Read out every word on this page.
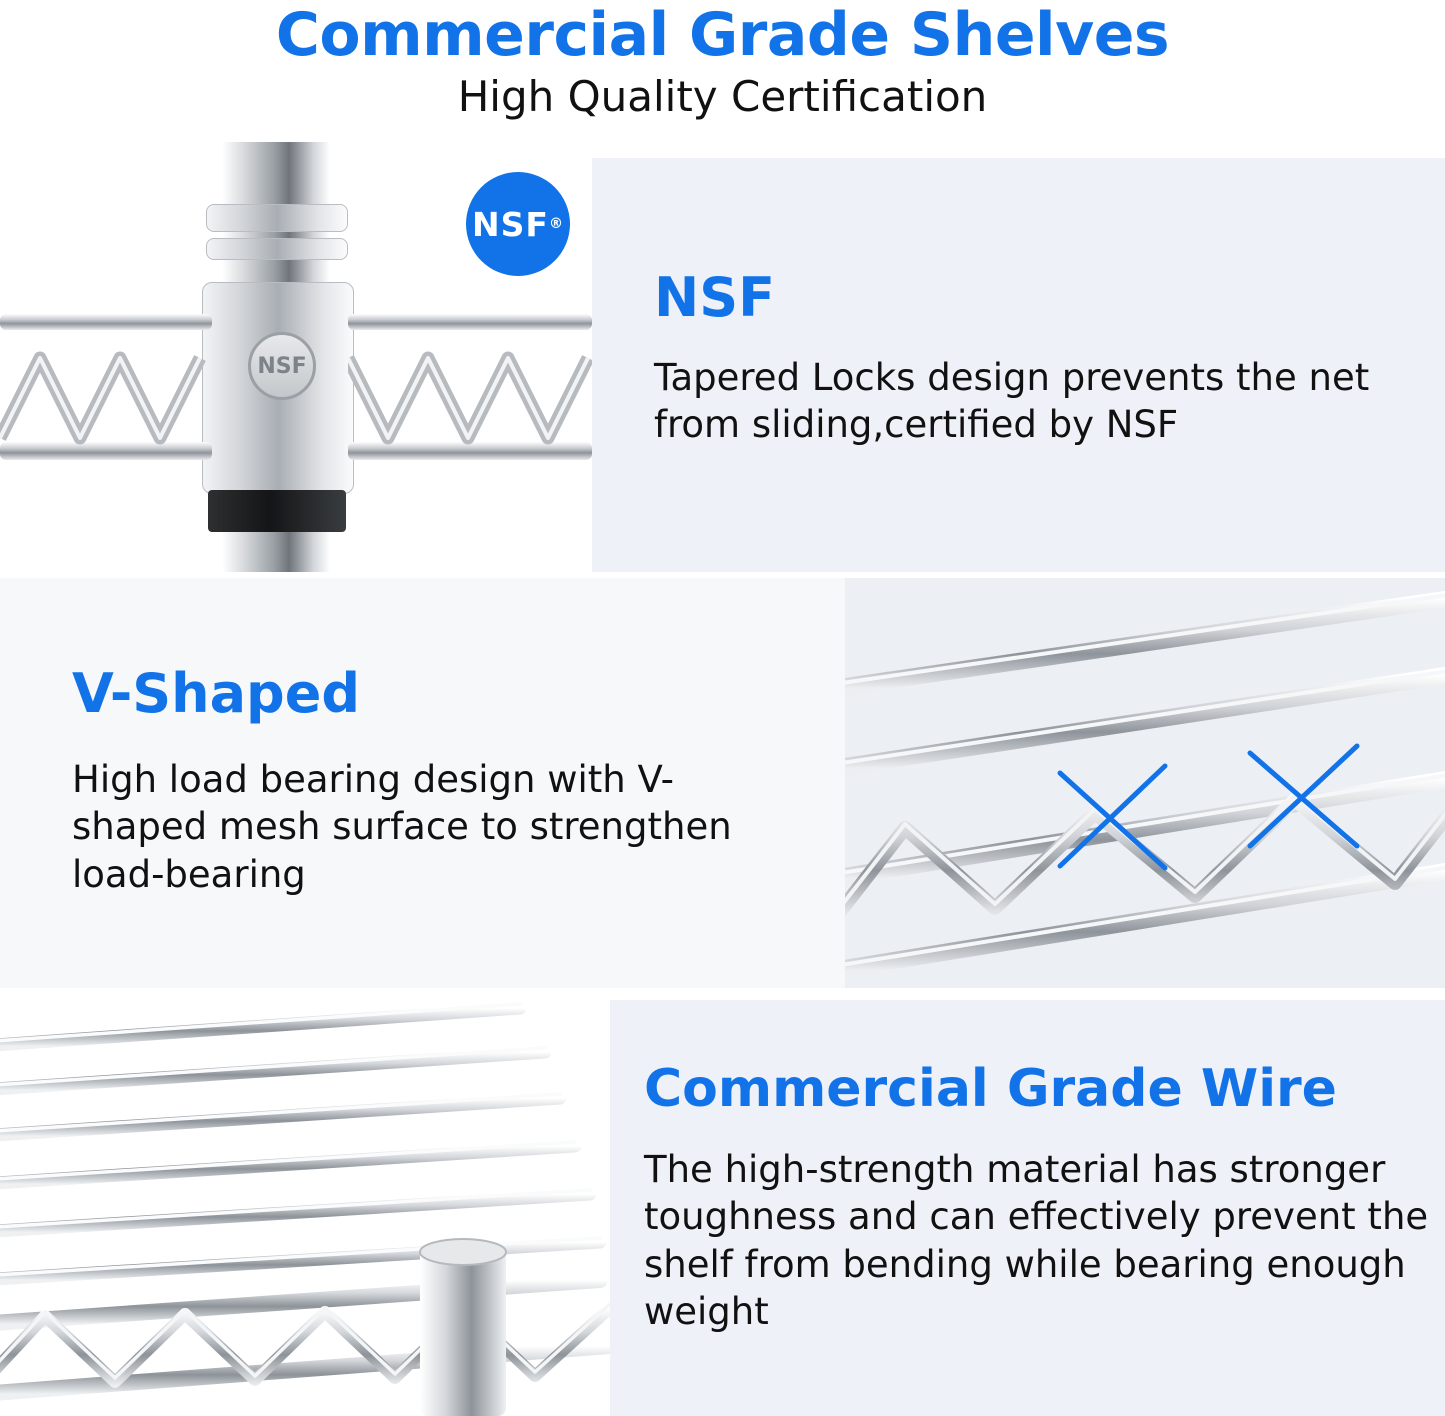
Commercial Grade Shelves
High Quality Certification
NSF
NSF ®
NSF

Tapered Locks design prevents the net from sliding,certified by NSF

V-Shaped

High load bearing design with V-shaped mesh surface to strengthen load-bearing

Commercial Grade Wire

The high-strength material has stronger toughness and can effectively prevent the shelf from bending while bearing enough weight
